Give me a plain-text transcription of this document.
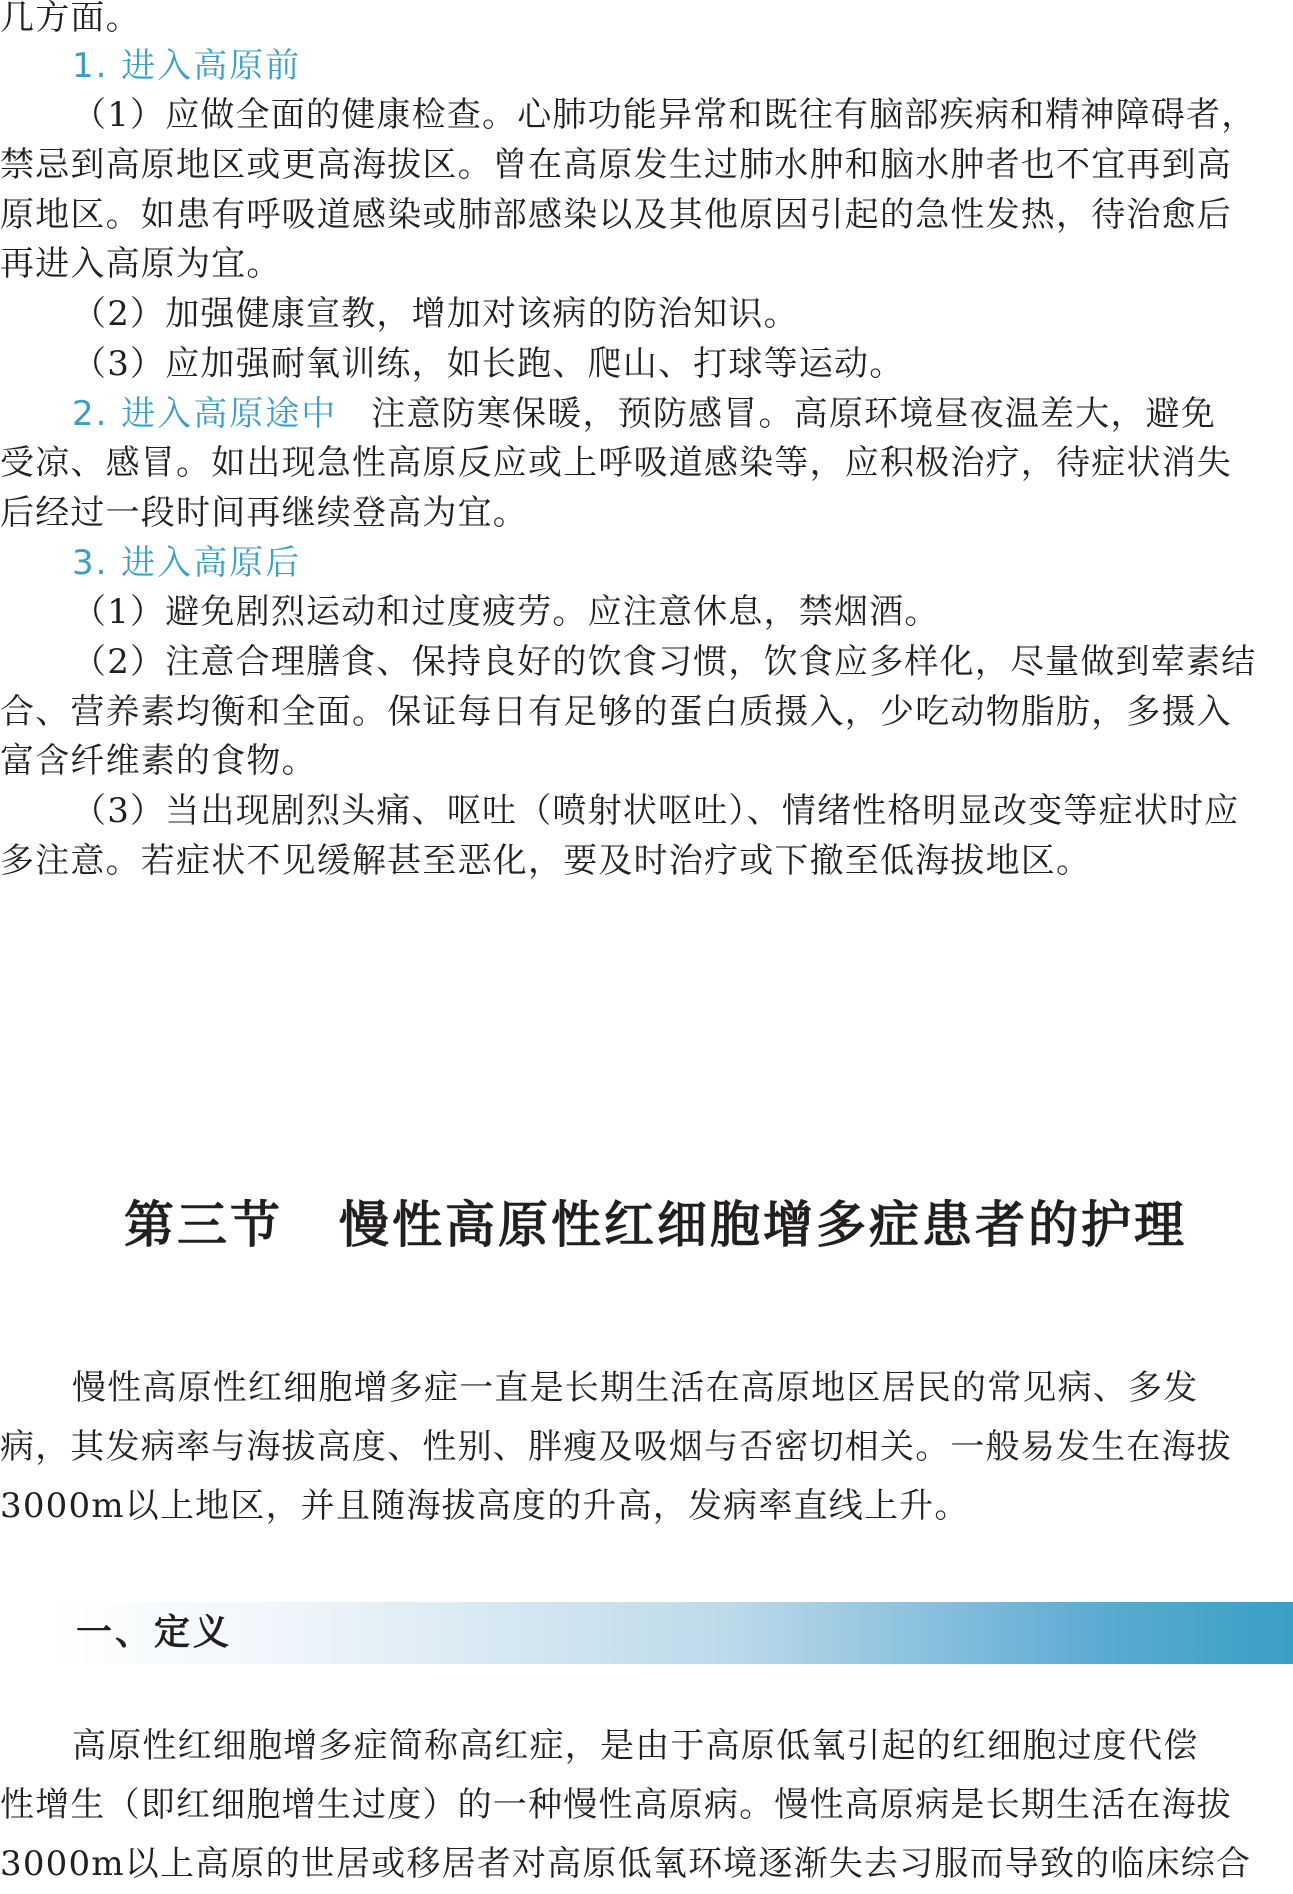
几方面。
1. 进入高原前
（1）应做全面的健康检查。心肺功能异常和既往有脑部疾病和精神障碍者，
禁忌到高原地区或更高海拔区。曾在高原发生过肺水肿和脑水肿者也不宜再到高
原地区。如患有呼吸道感染或肺部感染以及其他原因引起的急性发热，待治愈后
再进入高原为宜。
（2）加强健康宣教，增加对该病的防治知识。
（3）应加强耐氧训练，如长跑、爬山、打球等运动。
2. 进入高原途中 注意防寒保暖，预防感冒。高原环境昼夜温差大，避免
受凉、感冒。如出现急性高原反应或上呼吸道感染等，应积极治疗，待症状消失
后经过一段时间再继续登高为宜。
3. 进入高原后
（1）避免剧烈运动和过度疲劳。应注意休息，禁烟酒。
（2）注意合理膳食、保持良好的饮食习惯，饮食应多样化，尽量做到荤素结
合、营养素均衡和全面。保证每日有足够的蛋白质摄入，少吃动物脂肪，多摄入
富含纤维素的食物。
（3）当出现剧烈头痛、呕吐（喷射状呕吐）、情绪性格明显改变等症状时应
多注意。若症状不见缓解甚至恶化，要及时治疗或下撤至低海拔地区。
第三节 慢性高原性红细胞增多症患者的护理
慢性高原性红细胞增多症一直是长期生活在高原地区居民的常见病、多发
病，其发病率与海拔高度、性别、胖瘦及吸烟与否密切相关。一般易发生在海拔
3000m以上地区，并且随海拔高度的升高，发病率直线上升。
一、定义
高原性红细胞增多症简称高红症，是由于高原低氧引起的红细胞过度代偿
性增生（即红细胞增生过度）的一种慢性高原病。慢性高原病是长期生活在海拔
3000m以上高原的世居或移居者对高原低氧环境逐渐失去习服而导致的临床综合
